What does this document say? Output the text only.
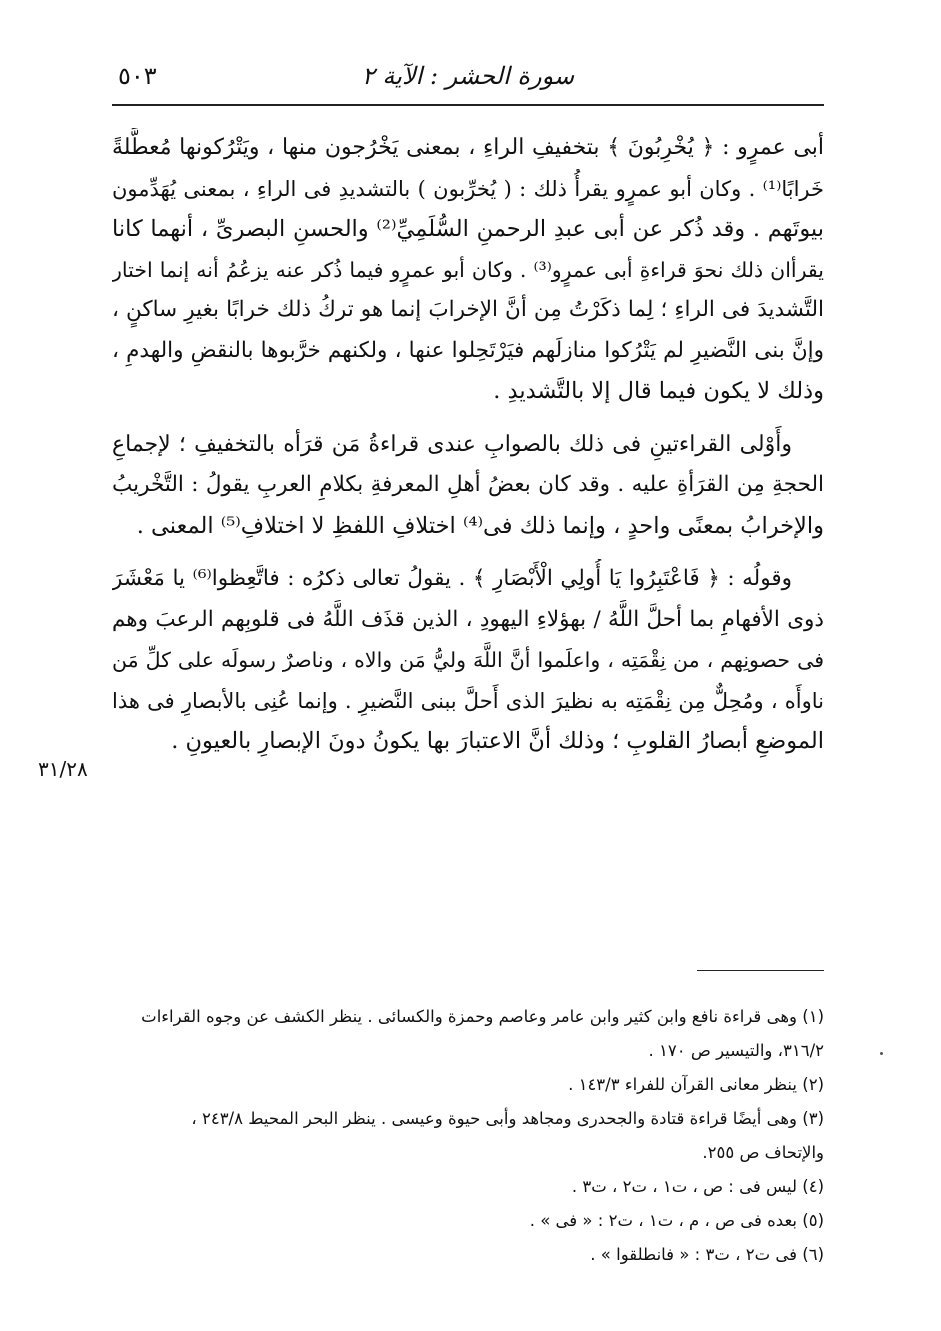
سورة الحشر : الآية ٢
٥٠٣
أبى عمرٍو : ﴿ يُخْرِبُونَ ﴾ بتخفيفِ الراءِ ، بمعنى يَخْرُجون منها ، ويَتْرُكونها مُعطَّلةً
خَرابًا⁽¹⁾ . وكان أبو عمرٍو يقرأُ ذلك : ( يُخرِّبون ) بالتشديدِ فى الراءِ ، بمعنى يُهَدِّمون
بيوتَهم . وقد ذُكر عن أبى عبدِ الرحمنِ السُّلَمِيِّ⁽²⁾ والحسنِ البصرىِّ ، أنهما كانا
يقرأان ذلك نحوَ قراءةِ أبى عمرٍو⁽³⁾ . وكان أبو عمرٍو فيما ذُكر عنه يزعُمُ أنه إنما اختار
التَّشديدَ فى الراءِ ؛ لِما ذكَرْتُ مِن أنَّ الإخرابَ إنما هو تركُ ذلك خرابًا بغيرِ ساكنٍ ،
وإنَّ بنى النَّضيرِ لم يَتْرُكوا منازلَهم فيَرْتَحِلوا عنها ، ولكنهم خرَّبوها بالنقضِ والهدمِ ،
وذلك لا يكون فيما قال إلا بالتَّشديدِ .
وأَوْلى القراءتينِ فى ذلك بالصوابِ عندى قراءةُ مَن قرَأه بالتخفيفِ ؛ لإجماعِ
الحجةِ مِن القرَأةِ عليه . وقد كان بعضُ أهلِ المعرفةِ بكلامِ العربِ يقولُ : التَّخْريبُ
والإخرابُ بمعنًى واحدٍ ، وإنما ذلك فى⁽⁴⁾ اختلافِ اللفظِ لا اختلافِ⁽⁵⁾ المعنى .
وقولُه : ﴿ فَاعْتَبِرُوا يَا أُولِي الْأَبْصَارِ ﴾ . يقولُ تعالى ذكرُه : فاتَّعِظوا⁽⁶⁾ يا مَعْشَرَ
ذوى الأفهامِ بما أحلَّ اللَّهُ / بهؤلاءِ اليهودِ ، الذين قذَف اللَّهُ فى قلوبِهم الرعبَ وهم
فى حصونِهم ، من نِقْمَتِه ، واعلَموا أنَّ اللَّهَ وليُّ مَن والاه ، وناصرٌ رسولَه على كلِّ مَن
ناوأَه ، ومُحِلٌّ مِن نِقْمَتِه به نظيرَ الذى أَحلَّ ببنى النَّضيرِ . وإنما عُنِى بالأبصارِ فى هذا
الموضعِ أبصارُ القلوبِ ؛ وذلك أنَّ الاعتبارَ بها يكونُ دونَ الإبصارِ بالعيونِ .
٣١/٢٨
(١) وهى قراءة نافع وابن كثير وابن عامر وعاصم وحمزة والكسائى . ينظر الكشف عن وجوه القراءات
٣١٦/٢، والتيسير ص ١٧٠ .
(٢) ينظر معانى القرآن للفراء ١٤٣/٣ .
(٣) وهى أيضًا قراءة قتادة والجحدرى ومجاهد وأبى حيوة وعيسى . ينظر البحر المحيط ٢٤٣/٨ ،
والإتحاف ص ٢٥٥.
(٤) ليس فى : ص ، ت١ ، ت٢ ، ت٣ .
(٥) بعده فى ص ، م ، ت١ ، ت٢ : « فى » .
(٦) فى ت٢ ، ت٣ : « فانطلقوا » .
